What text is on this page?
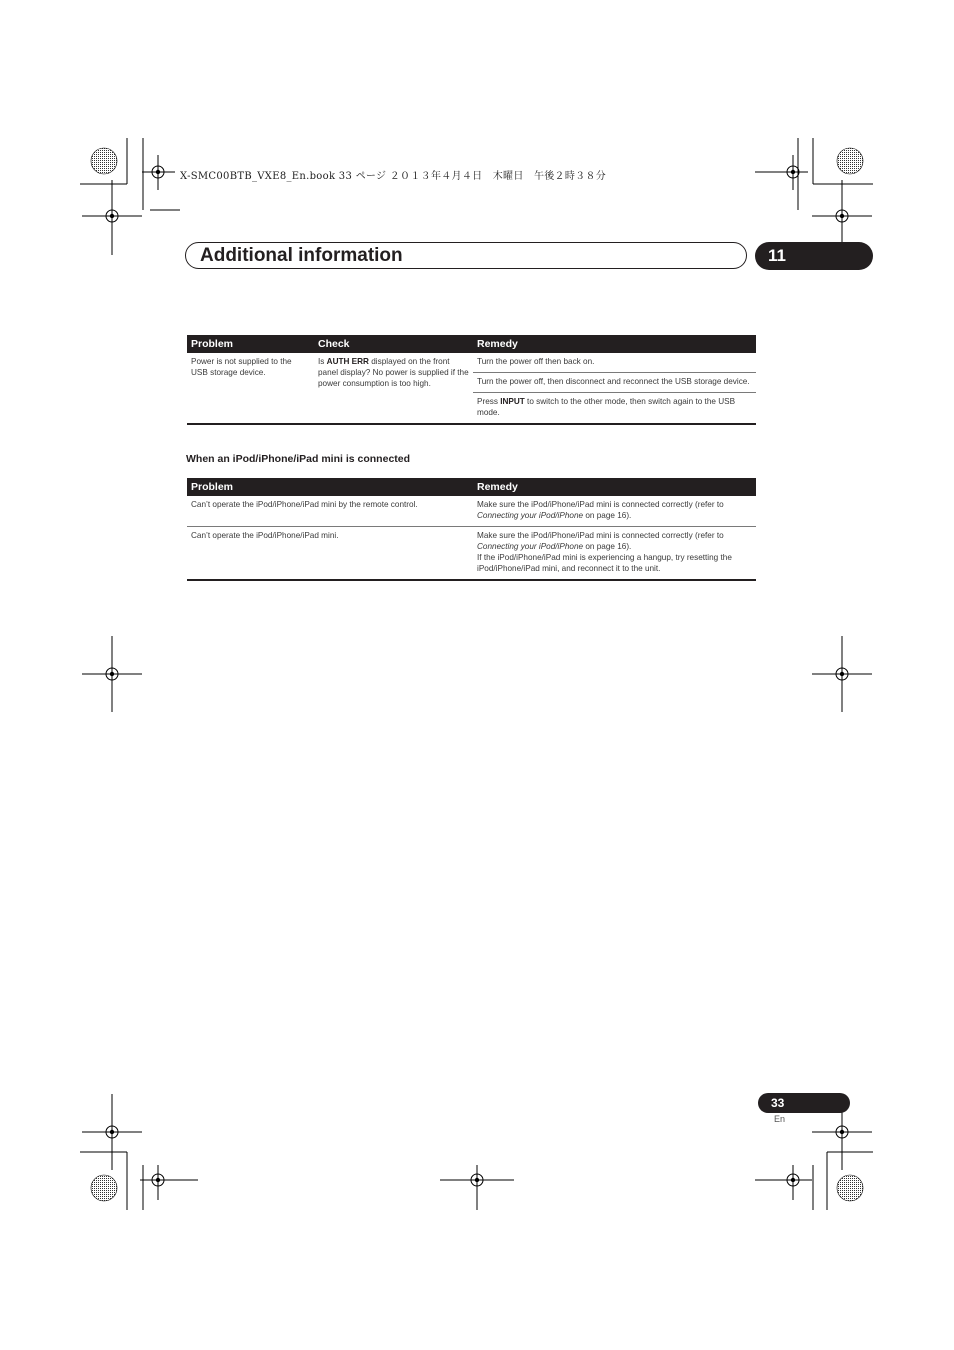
X-SMC00BTB_VXE8_En.book 33 ページ ２０１３年４月４日　木曜日　午後２時３８分
Additional information	11
Problem	Check	Remedy
Power is not supplied to the USB storage device.	Is AUTH ERR displayed on the front panel display? No power is supplied if the power consumption is too high.	Turn the power off then back on.
		Turn the power off, then disconnect and reconnect the USB storage device.
		Press INPUT to switch to the other mode, then switch again to the USB mode.
When an iPod/iPhone/iPad mini is connected
Problem	Remedy
Can’t operate the iPod/iPhone/iPad mini by the remote control.	Make sure the iPod/iPhone/iPad mini is connected correctly (refer to Connecting your iPod/iPhone on page 16).
Can’t operate the iPod/iPhone/iPad mini.	Make sure the iPod/iPhone/iPad mini is connected correctly (refer to Connecting your iPod/iPhone on page 16).
If the iPod/iPhone/iPad mini is experiencing a hangup, try resetting the iPod/iPhone/iPad mini, and reconnect it to the unit.
33
En
